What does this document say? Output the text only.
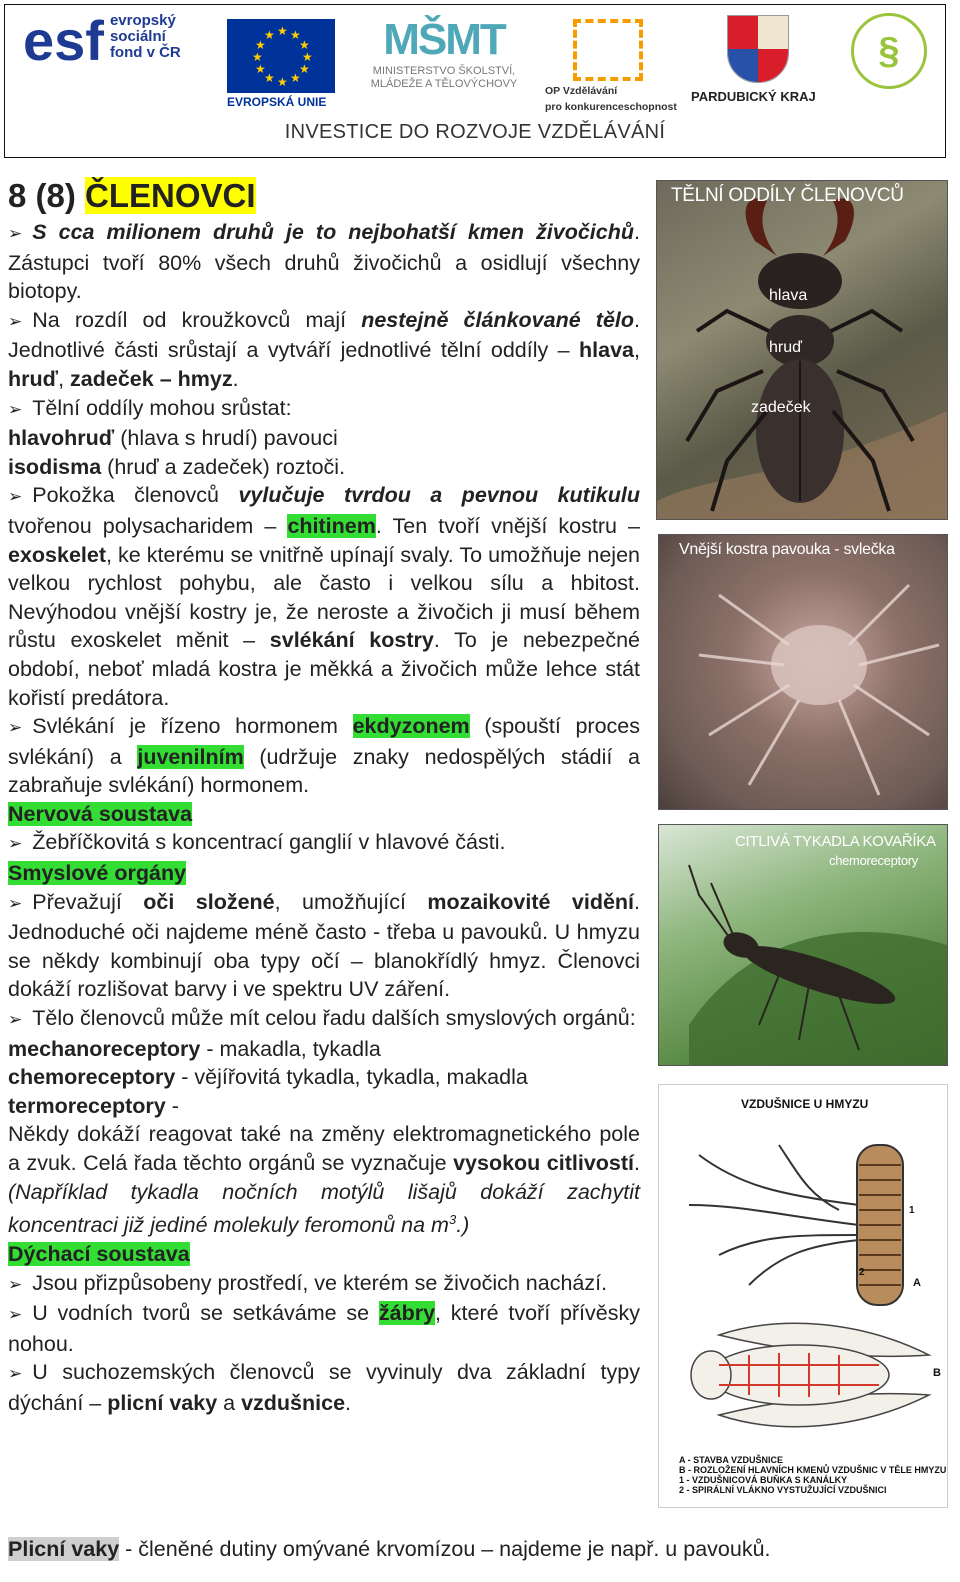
esf evropský
sociální
fond v ČR
★ ★
★
★
★
★
★
★
★
★
★
★
EVROPSKÁ UNIE
MŠMT
MINISTERSTVO ŠKOLSTVÍ,
MLÁDEŽE A TĚLOVÝCHOVY
OP Vzdělávání
pro konkurenceschopnost
PARDUBICKÝ KRAJ
§
INVESTICE DO ROZVOJE VZDĚLÁVÁNÍ
8 (8) ČLENOVCI

➢ S cca milionem druhů je to nejbohatší kmen živočichů. Zástupci tvoří 80% všech druhů živočichů a osidlují všechny biotopy.

➢ Na rozdíl od kroužkovců mají nestejně článkované tělo. Jednotlivé části srůstají a vytváří jednotlivé tělní oddíly – hlava, hruď, zadeček – hmyz.

➢ Tělní oddíly mohou srůstat:

hlavohruď (hlava s hrudí) pavouci

isodisma (hruď a zadeček) roztoči.

➢ Pokožka členovců vylučuje tvrdou a pevnou kutikulu tvořenou polysacharidem – chitinem. Ten tvoří vnější kostru – exoskelet, ke kterému se vnitřně upínají svaly. To umožňuje nejen velkou rychlost pohybu, ale často i velkou sílu a hbitost. Nevýhodou vnější kostry je, že neroste a živočich ji musí během růstu exoskelet měnit – svlékání kostry. To je nebezpečné období, neboť mladá kostra je měkká a živočich může lehce stát kořistí predátora.

➢ Svlékání je řízeno hormonem ekdyzonem (spouští proces svlékání) a juvenilním (udržuje znaky nedospělých stádií a zabraňuje svlékání) hormonem.

Nervová soustava

➢ Žebříčkovitá s koncentrací ganglií v hlavové části.

Smyslové orgány

➢ Převažují oči složené, umožňující mozaikovité vidění. Jednoduché oči najdeme méně často - třeba u pavouků. U hmyzu se někdy kombinují oba typy očí – blanokřídlý hmyz. Členovci dokáží rozlišovat barvy i ve spektru UV záření.

➢ Tělo členovců může mít celou řadu dalších smyslových orgánů:

mechanoreceptory - makadla, tykadla

chemoreceptory - vějířovitá tykadla, tykadla, makadla

termoreceptory -

Někdy dokáží reagovat také na změny elektromagnetického pole a zvuk. Celá řada těchto orgánů se vyznačuje vysokou citlivostí. (Například tykadla nočních motýlů lišajů dokáží zachytit koncentraci již jediné molekuly feromonů na $m^3$.)

Dýchací soustava

➢ Jsou přizpůsobeny prostředí, ve kterém se živočich nachází.

➢ U vodních tvorů se setkáváme se žábry, které tvoří přívěsky nohou.

➢ U suchozemských členovců se vyvinuly dva základní typy dýchání – plicní vaky a vzdušnice.

Plicní vaky - členěné dutiny omývané krvomízou – najdeme je např. u pavouků.
TĚLNÍ ODDÍLY ČLENOVCŮ
hlava
hruď
zadeček
Vnější kostra pavouka - svlečka
CITLIVÁ TYKADLA KOVAŘÍKA
chemoreceptory
VZDUŠNICE U HMYZU
A
B
1
2
A - STAVBA VZDUŠNICE
B - ROZLOŽENÍ HLAVNÍCH KMENŮ VZDUŠNIC V TĚLE HMYZU
1 - VZDUŠNICOVÁ BUŇKA S KANÁLKY
2 - SPIRÁLNÍ VLÁKNO VYSTUŽUJÍCÍ VZDUŠNICI
